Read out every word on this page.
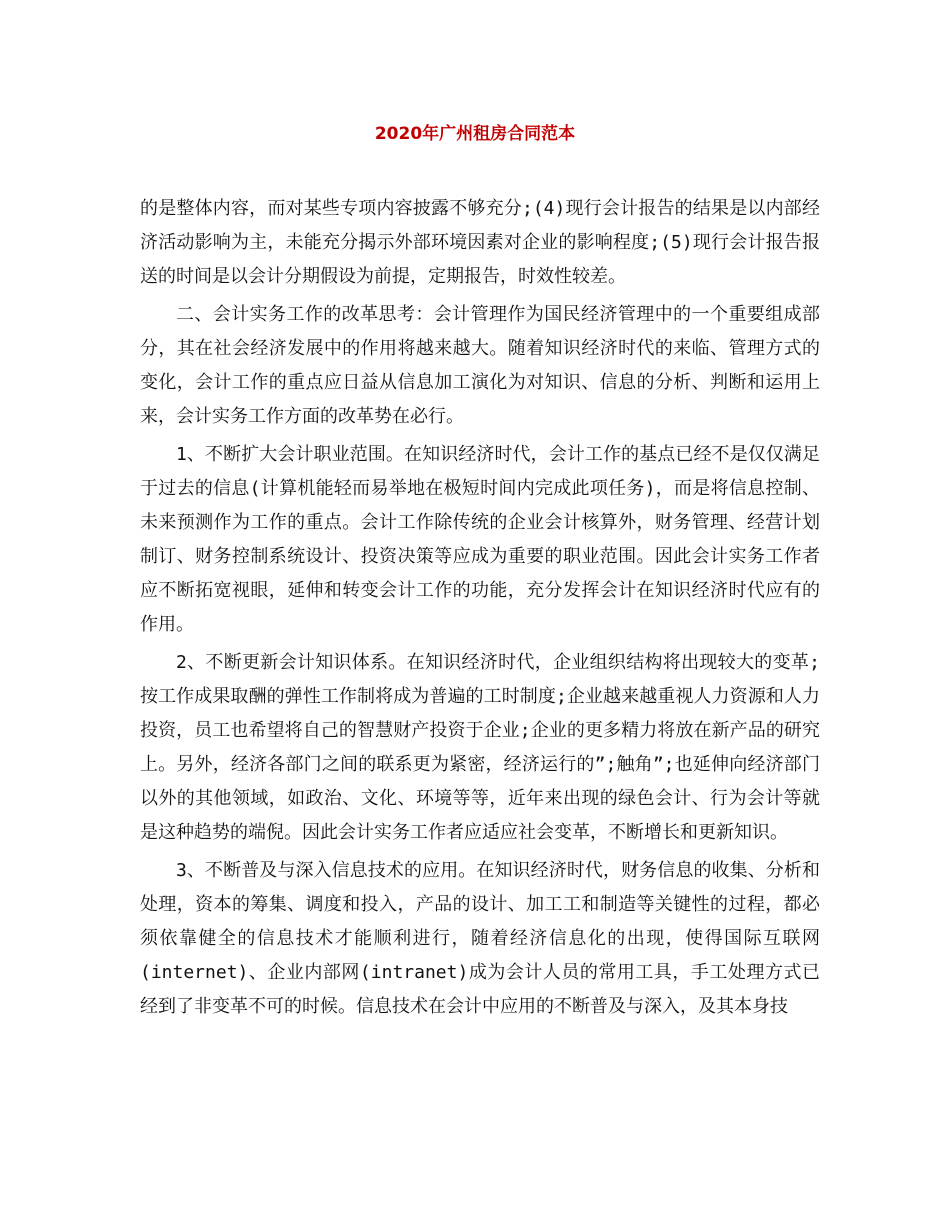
2020年广州租房合同范本

的是整体内容，而对某些专项内容披露不够充分;(4)现行会计报告的结果是以内部经济活动影响为主，未能充分揭示外部环境因素对企业的影响程度;(5)现行会计报告报送的时间是以会计分期假设为前提，定期报告，时效性较差。

二、会计实务工作的改革思考：会计管理作为国民经济管理中的一个重要组成部分，其在社会经济发展中的作用将越来越大。随着知识经济时代的来临、管理方式的变化，会计工作的重点应日益从信息加工演化为对知识、信息的分析、判断和运用上来，会计实务工作方面的改革势在必行。

1、不断扩大会计职业范围。在知识经济时代，会计工作的基点已经不是仅仅满足于过去的信息(计算机能轻而易举地在极短时间内完成此项任务)，而是将信息控制、未来预测作为工作的重点。会计工作除传统的企业会计核算外，财务管理、经营计划制订、财务控制系统设计、投资决策等应成为重要的职业范围。因此会计实务工作者应不断拓宽视眼，延伸和转变会计工作的功能，充分发挥会计在知识经济时代应有的作用。

2、不断更新会计知识体系。在知识经济时代，企业组织结构将出现较大的变革;按工作成果取酬的弹性工作制将成为普遍的工时制度;企业越来越重视人力资源和人力投资，员工也希望将自己的智慧财产投资于企业;企业的更多精力将放在新产品的研究上。另外，经济各部门之间的联系更为紧密，经济运行的”;触角”;也延伸向经济部门以外的其他领域，如政治、文化、环境等等，近年来出现的绿色会计、行为会计等就是这种趋势的端倪。因此会计实务工作者应适应社会变革，不断增长和更新知识。

3、不断普及与深入信息技术的应用。在知识经济时代，财务信息的收集、分析和处理，资本的筹集、调度和投入，产品的设计、加工工和制造等关键性的过程，都必须依靠健全的信息技术才能顺利进行，随着经济信息化的出现，使得国际互联网(internet)、企业内部网(intranet)成为会计人员的常用工具，手工处理方式已经到了非变革不可的时候。信息技术在会计中应用的不断普及与深入，及其本身技
